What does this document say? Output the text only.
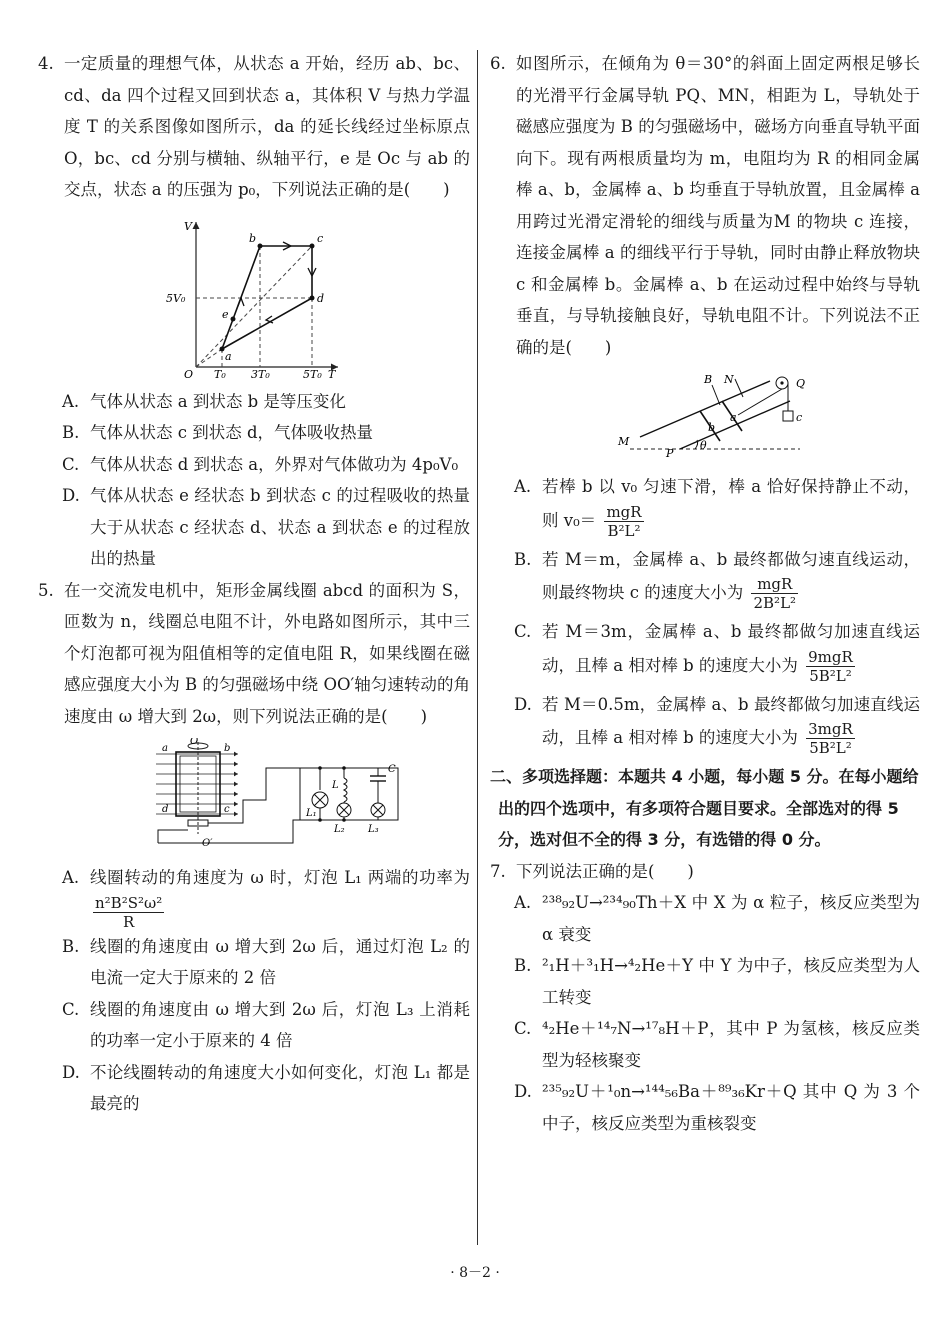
4. 一定质量的理想气体，从状态 a 开始，经历 ab、bc、cd、da 四个过程又回到状态 a，其体积 V 与热力学温度 T 的关系图像如图所示，da 的延长线经过坐标原点 O，bc、cd 分别与横轴、纵轴平行，e 是 Oc 与 ab 的交点，状态 a 的压强为 p₀，下列说法正确的是(　　)
V
T
O
5V₀
T₀ 3T₀	5T₀
a
b	c
d
e
A. 气体从状态 a 到状态 b 是等压变化
B. 气体从状态 c 到状态 d，气体吸收热量
C. 气体从状态 d 到状态 a，外界对气体做功为 4p₀V₀
D. 气体从状态 e 经状态 b 到状态 c 的过程吸收的热量大于从状态 c 经状态 d、状态 a 到状态 e 的过程放出的热量
5. 在一交流发电机中，矩形金属线圈 abcd 的面积为 S，匝数为 n，线圈总电阻不计，外电路如图所示，其中三个灯泡都可视为阻值相等的定值电阻 R，如果线圈在磁感应强度大小为 B 的匀强磁场中绕 OO′轴匀速转动的角速度由 ω 增大到 2ω，则下列说法正确的是(　　)
O
O′
a	b
c
d
L
C
L₁
L₂ L₃
A. 线圈转动的角速度为 ω 时，灯泡 L₁ 两端的功率为
$\frac{\text{n²B²S²ω²}}{R}$
B. 线圈的角速度由 ω 增大到 2ω 后，通过灯泡 L₂ 的电流一定大于原来的 2 倍
C. 线圈的角速度由 ω 增大到 2ω 后，灯泡 L₃ 上消耗的功率一定小于原来的 4 倍
D. 不论线圈转动的角速度大小如何变化，灯泡 L₁ 都是最亮的
6. 如图所示，在倾角为 θ＝30°的斜面上固定两根足够长的光滑平行金属导轨 PQ、MN，相距为 L，导轨处于磁感应强度为 B 的匀强磁场中，磁场方向垂直导轨平面向下。现有两根质量均为 m，电阻均为 R 的相同金属棒 a、b，金属棒 a、b 均垂直于导轨放置，且金属棒 a 用跨过光滑定滑轮的细线与质量为M 的物块 c 连接，连接金属棒 a 的细线平行于导轨，同时由静止释放物块 c 和金属棒 b。金属棒 a、b 在运动过程中始终与导轨垂直，与导轨接触良好，导轨电阻不计。下列说法不正确的是(　　)
B N	Q
a
b
c
M
P
θ
A. 若棒 b 以 v₀ 匀速下滑，棒 a 恰好保持静止不动，则 $v_0= \frac{\text{mgR}}{\text{B²L²}}$
B. 若 M＝m，金属棒 a、b 最终都做匀速直线运动，则最终物块 c 的速度大小为 $\frac{\text{mgR}}{\text{2B²L²}}$
C. 若 M＝3m，金属棒 a、b 最终都做匀加速直线运动，且棒 a 相对棒 b 的速度大小为 $\frac{\text{9mgR}}{\text{5B²L²}}$
D. 若 M＝0.5m，金属棒 a、b 最终都做匀加速直线运动，且棒 a 相对棒 b 的速度大小为 $\frac{\text{3mgR}}{\text{5B²L²}}$
二、多项选择题：本题共 4 小题，每小题 5 分。在每小题给出的四个选项中，有多项符合题目要求。全部选对的得 5 分，选对但不全的得 3 分，有选错的得 0 分。
7. 下列说法正确的是(　　)
A. ²³⁸₉₂U→²³⁴₉₀Th＋X 中 X 为 α 粒子，核反应类型为 α 衰变
B. ²₁H＋³₁H→⁴₂He＋Y 中 Y 为中子，核反应类型为人工转变
C. ⁴₂He＋¹⁴₇N→¹⁷₈H＋P，其中 P 为氢核，核反应类型为轻核聚变
D. ²³⁵₉₂U＋¹₀n→¹⁴⁴₅₆Ba＋⁸⁹₃₆Kr＋Q 其中 Q 为 3 个中子，核反应类型为重核裂变
· 8－2 ·
